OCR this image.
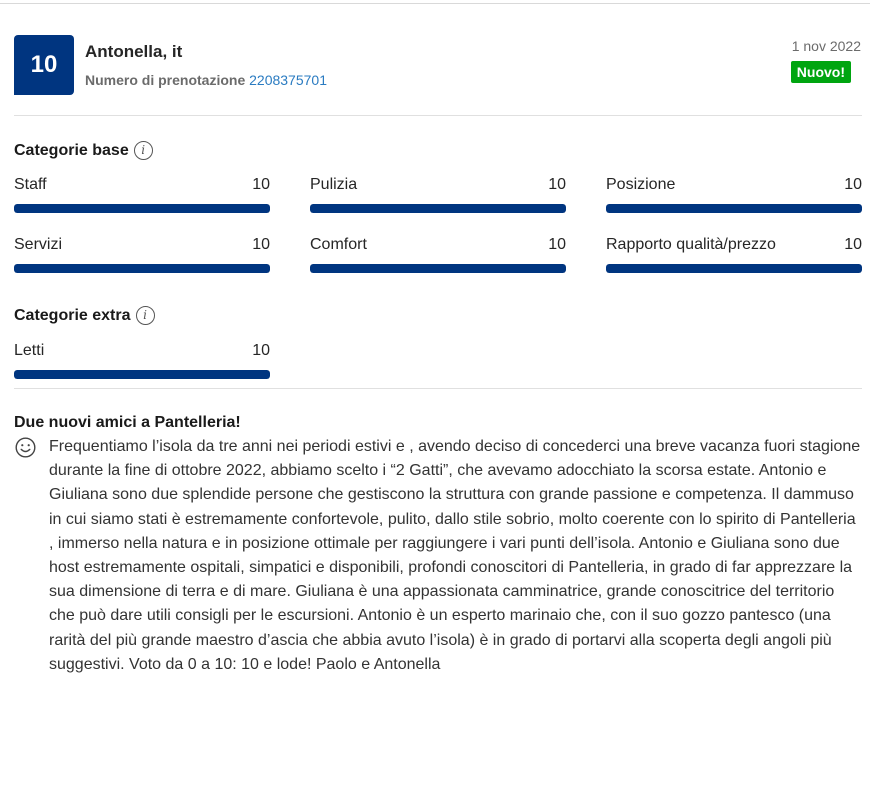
10	Antonella, it
Numero di prenotazione 2208375701
1 nov 2022
Nuovo!
Categorie base	i
Staff	10	Pulizia	10	Posizione	10
Servizi	10	Comfort	10	Rapporto qualità/prezzo	10
Categorie extra	i
Letti	10
Due nuovi amici a Pantelleria!
Frequentiamo l’isola da tre anni nei periodi estivi e , avendo deciso di concederci una breve vacanza fuori stagione durante la fine di ottobre 2022, abbiamo scelto i “2 Gatti”, che avevamo adocchiato la scorsa estate. Antonio e Giuliana sono due splendide persone che gestiscono la struttura con grande passione e competenza. Il dammuso in cui siamo stati è estremamente confortevole, pulito, dallo stile sobrio, molto coerente con lo spirito di Pantelleria , immerso nella natura e in posizione ottimale per raggiungere i vari punti dell’isola. Antonio e Giuliana sono due host estremamente ospitali, simpatici e disponibili, profondi conoscitori di Pantelleria, in grado di far apprezzare la sua dimensione di terra e di mare. Giuliana è una appassionata camminatrice, grande conoscitrice del territorio che può dare utili consigli per le escursioni. Antonio è un esperto marinaio che, con il suo gozzo pantesco (una rarità del più grande maestro d’ascia che abbia avuto l’isola) è in grado di portarvi alla scoperta degli angoli più suggestivi. Voto da 0 a 10: 10 e lode! Paolo e Antonella
